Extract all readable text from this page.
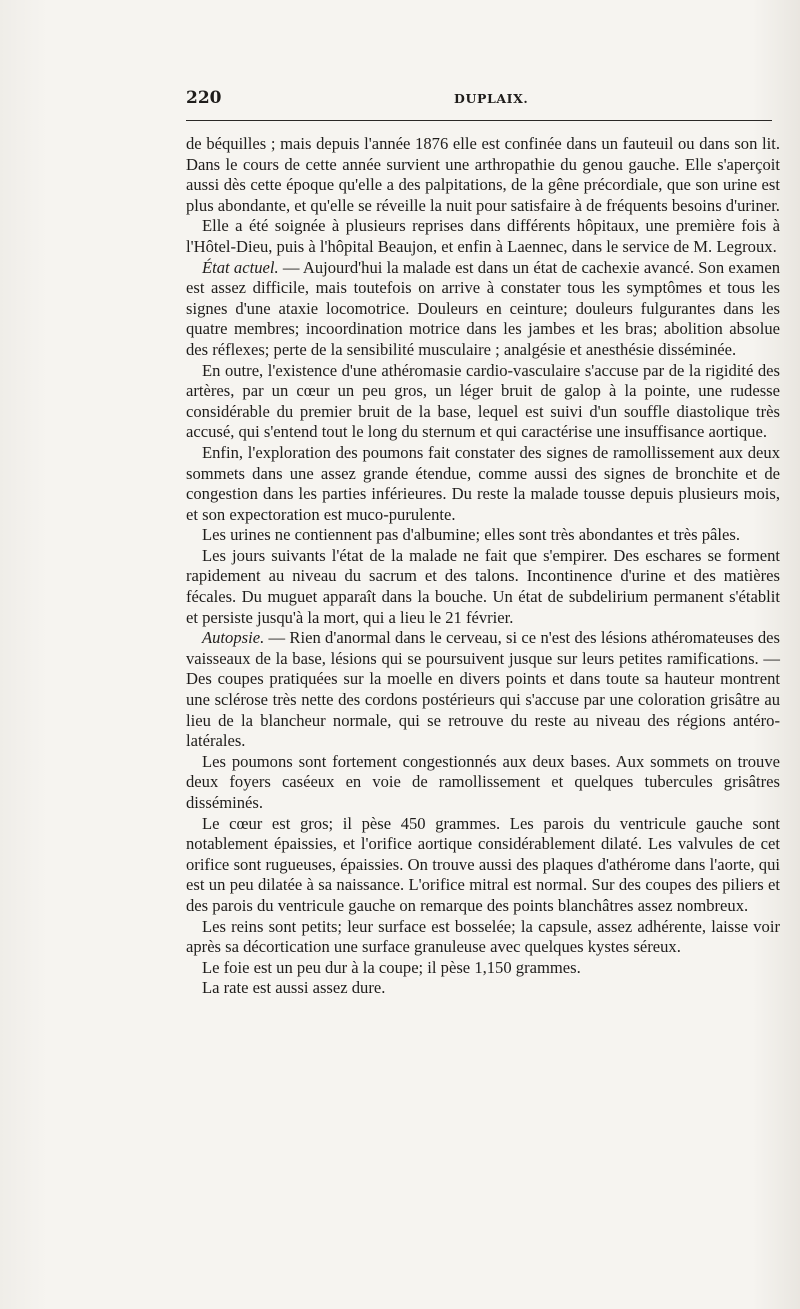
220	DUPLAIX.

de béquilles ; mais depuis l'année 1876 elle est confinée dans un fauteuil ou dans son lit. Dans le cours de cette année survient une arthropathie du genou gauche. Elle s'aperçoit aussi dès cette époque qu'elle a des palpitations, de la gêne précordiale, que son urine est plus abondante, et qu'elle se réveille la nuit pour satisfaire à de fréquents besoins d'uriner.

Elle a été soignée à plusieurs reprises dans différents hôpitaux, une première fois à l'Hôtel-Dieu, puis à l'hôpital Beaujon, et enfin à Laennec, dans le service de M. Legroux.

État actuel. — Aujourd'hui la malade est dans un état de cachexie avancé. Son examen est assez difficile, mais toutefois on arrive à constater tous les symptômes et tous les signes d'une ataxie locomotrice. Douleurs en ceinture; douleurs fulgurantes dans les quatre membres; incoordination motrice dans les jambes et les bras; abolition absolue des réflexes; perte de la sensibilité musculaire ; analgésie et anesthésie disséminée.

En outre, l'existence d'une athéromasie cardio-vasculaire s'accuse par de la rigidité des artères, par un cœur un peu gros, un léger bruit de galop à la pointe, une rudesse considérable du premier bruit de la base, lequel est suivi d'un souffle diastolique très accusé, qui s'entend tout le long du sternum et qui caractérise une insuffisance aortique.

Enfin, l'exploration des poumons fait constater des signes de ramollissement aux deux sommets dans une assez grande étendue, comme aussi des signes de bronchite et de congestion dans les parties inférieures. Du reste la malade tousse depuis plusieurs mois, et son expectoration est muco-purulente.

Les urines ne contiennent pas d'albumine; elles sont très abondantes et très pâles.

Les jours suivants l'état de la malade ne fait que s'empirer. Des eschares se forment rapidement au niveau du sacrum et des talons. Incontinence d'urine et des matières fécales. Du muguet apparaît dans la bouche. Un état de subdelirium permanent s'établit et persiste jusqu'à la mort, qui a lieu le 21 février.

Autopsie. — Rien d'anormal dans le cerveau, si ce n'est des lésions athéromateuses des vaisseaux de la base, lésions qui se poursuivent jusque sur leurs petites ramifications. — Des coupes pratiquées sur la moelle en divers points et dans toute sa hauteur montrent une sclérose très nette des cordons postérieurs qui s'accuse par une coloration grisâtre au lieu de la blancheur normale, qui se retrouve du reste au niveau des régions antéro-latérales.

Les poumons sont fortement congestionnés aux deux bases. Aux sommets on trouve deux foyers caséeux en voie de ramollissement et quelques tubercules grisâtres disséminés.

Le cœur est gros; il pèse 450 grammes. Les parois du ventricule gauche sont notablement épaissies, et l'orifice aortique considérablement dilaté. Les valvules de cet orifice sont rugueuses, épaissies. On trouve aussi des plaques d'athérome dans l'aorte, qui est un peu dilatée à sa naissance. L'orifice mitral est normal. Sur des coupes des piliers et des parois du ventricule gauche on remarque des points blanchâtres assez nombreux.

Les reins sont petits; leur surface est bosselée; la capsule, assez adhérente, laisse voir après sa décortication une surface granuleuse avec quelques kystes séreux.

Le foie est un peu dur à la coupe; il pèse 1,150 grammes.

La rate est aussi assez dure.
